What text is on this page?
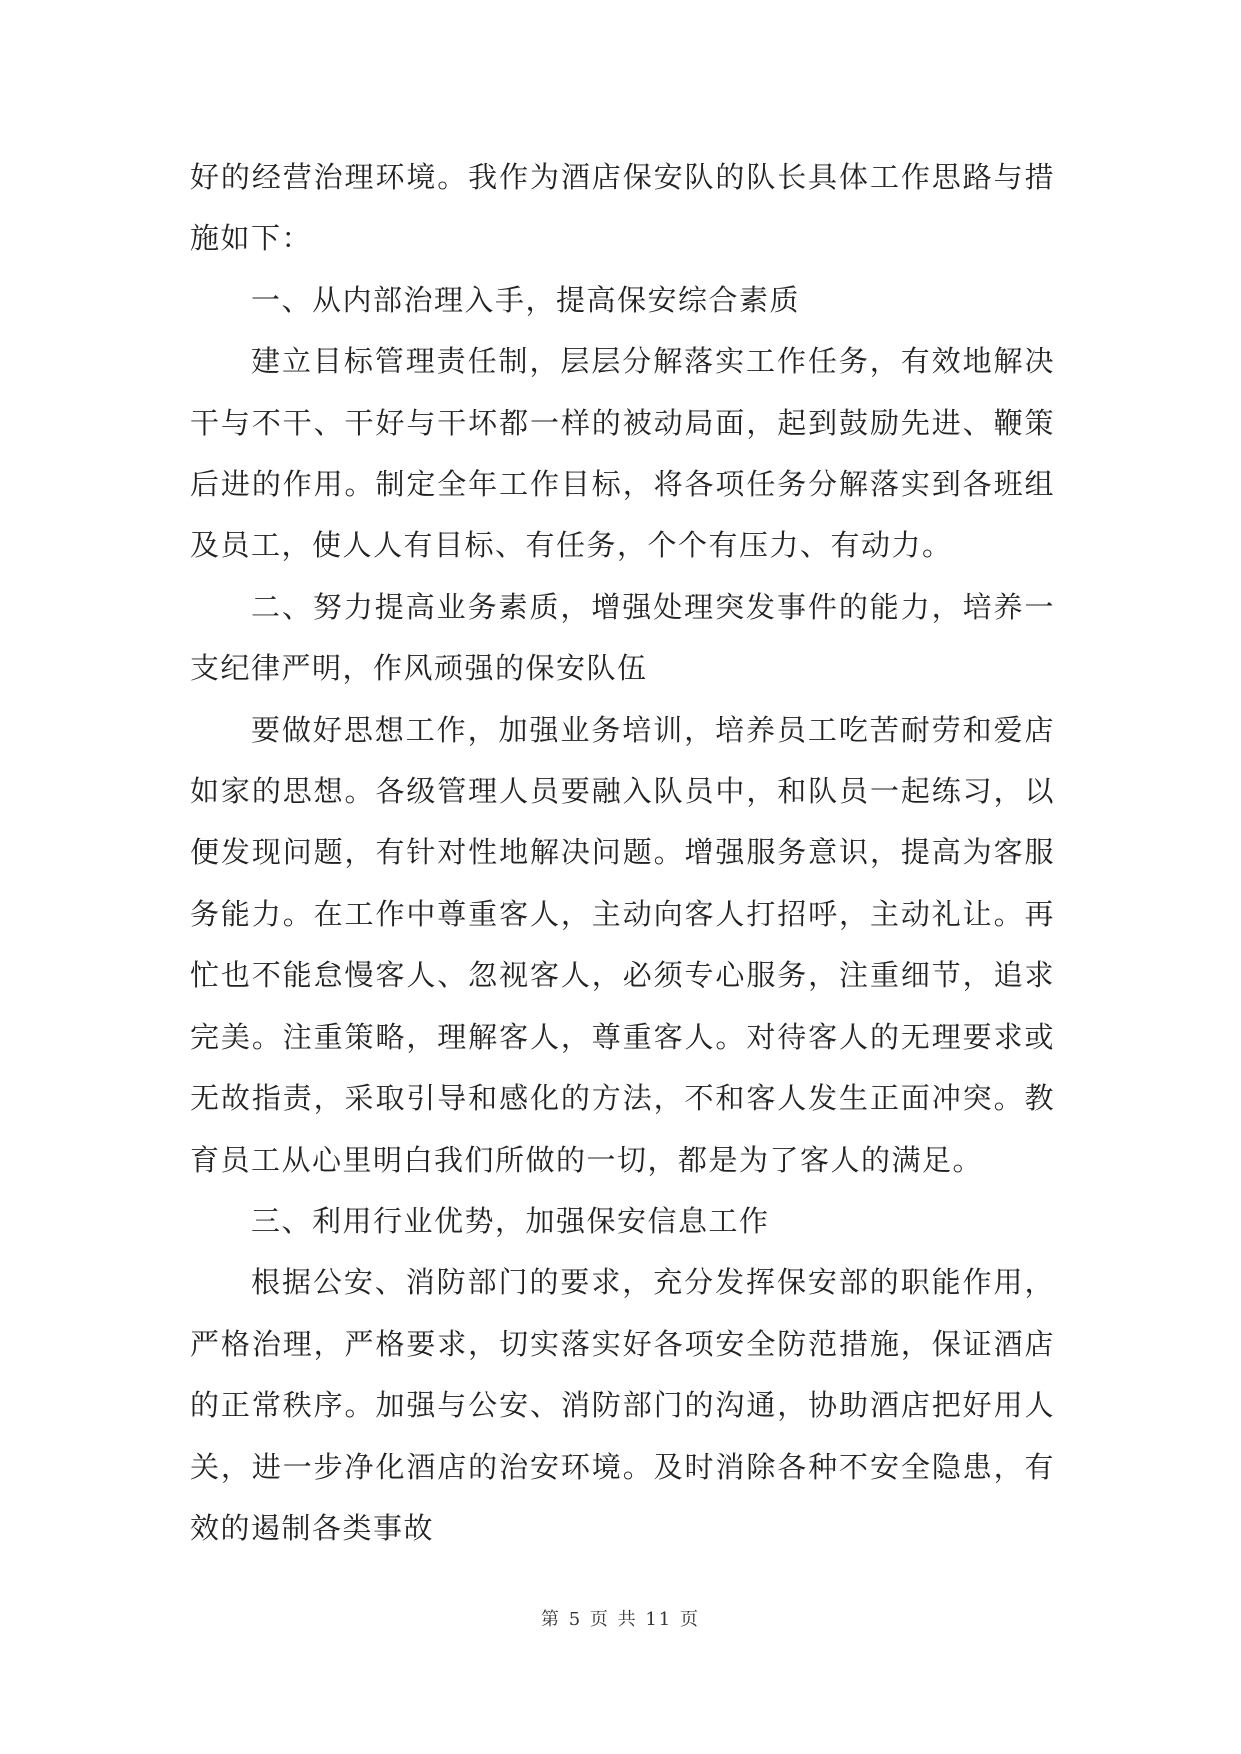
好的经营治理环境。我作为酒店保安队的队长具体工作思路与措施如下：

一、从内部治理入手，提高保安综合素质

建立目标管理责任制，层层分解落实工作任务，有效地解决干与不干、干好与干坏都一样的被动局面，起到鼓励先进、鞭策后进的作用。制定全年工作目标，将各项任务分解落实到各班组及员工，使人人有目标、有任务，个个有压力、有动力。

二、努力提高业务素质，增强处理突发事件的能力，培养一支纪律严明，作风顽强的保安队伍

要做好思想工作，加强业务培训，培养员工吃苦耐劳和爱店如家的思想。各级管理人员要融入队员中，和队员一起练习，以便发现问题，有针对性地解决问题。增强服务意识，提高为客服务能力。在工作中尊重客人，主动向客人打招呼，主动礼让。再忙也不能怠慢客人、忽视客人，必须专心服务，注重细节，追求完美。注重策略，理解客人，尊重客人。对待客人的无理要求或无故指责，采取引导和感化的方法，不和客人发生正面冲突。教育员工从心里明白我们所做的一切，都是为了客人的满足。

三、利用行业优势，加强保安信息工作

根据公安、消防部门的要求，充分发挥保安部的职能作用，严格治理，严格要求，切实落实好各项安全防范措施，保证酒店的正常秩序。加强与公安、消防部门的沟通，协助酒店把好用人关，进一步净化酒店的治安环境。及时消除各种不安全隐患，有效的遏制各类事故

第 5 页 共 11 页
